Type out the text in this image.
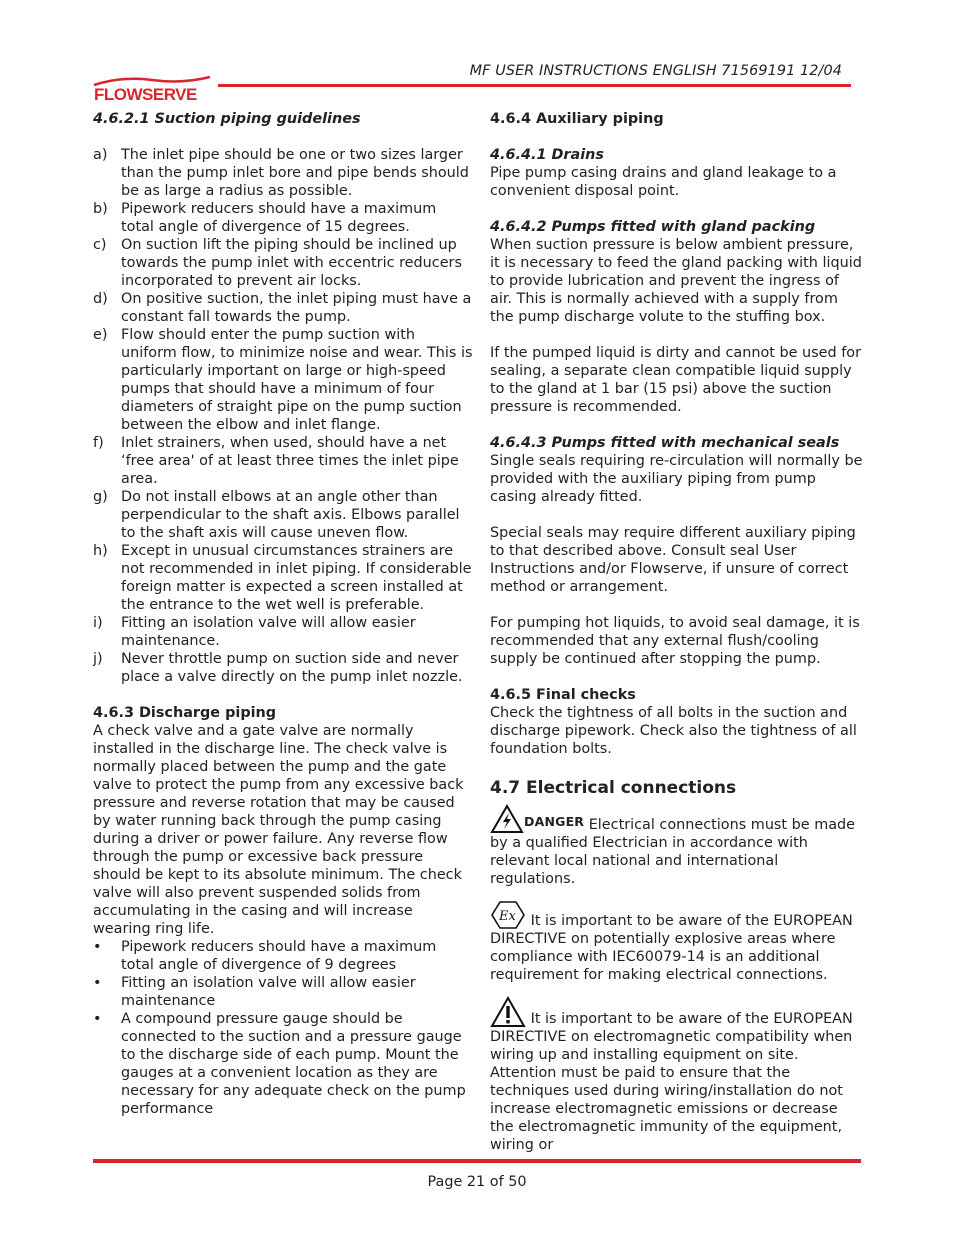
MF USER INSTRUCTIONS ENGLISH 71569191 12/04
FLOWSERVE
4.6.2.1 Suction piping guidelines
a) The inlet pipe should be one or two sizes larger than the pump inlet bore and pipe bends should be as large a radius as possible.
b) Pipework reducers should have a maximum total angle of divergence of 15 degrees.
c) On suction lift the piping should be inclined up towards the pump inlet with eccentric reducers incorporated to prevent air locks.
d) On positive suction, the inlet piping must have a constant fall towards the pump.
e) Flow should enter the pump suction with uniform flow, to minimize noise and wear. This is particularly important on large or high-speed pumps that should have a minimum of four diameters of straight pipe on the pump suction between the elbow and inlet flange.
f) Inlet strainers, when used, should have a net ‘free area' of at least three times the inlet pipe area.
g) Do not install elbows at an angle other than perpendicular to the shaft axis. Elbows parallel to the shaft axis will cause uneven flow.
h) Except in unusual circumstances strainers are not recommended in inlet piping. If considerable foreign matter is expected a screen installed at the entrance to the wet well is preferable.
i) Fitting an isolation valve will allow easier maintenance.
j) Never throttle pump on suction side and never place a valve directly on the pump inlet nozzle.
4.6.3 Discharge piping

A check valve and a gate valve are normally installed in the discharge line. The check valve is normally placed between the pump and the gate valve to protect the pump from any excessive back pressure and reverse rotation that may be caused by water running back through the pump casing during a driver or power failure. Any reverse flow through the pump or excessive back pressure should be kept to its absolute minimum. The check valve will also prevent suspended solids from accumulating in the casing and will increase wearing ring life.

• Pipework reducers should have a maximum total angle of divergence of 9 degrees
• Fitting an isolation valve will allow easier maintenance
• A compound pressure gauge should be connected to the suction and a pressure gauge to the discharge side of each pump. Mount the gauges at a convenient location as they are necessary for any adequate check on the pump performance
4.6.4 Auxiliary piping
4.6.4.1 Drains

Pipe pump casing drains and gland leakage to a convenient disposal point.

4.6.4.2 Pumps fitted with gland packing

When suction pressure is below ambient pressure, it is necessary to feed the gland packing with liquid to provide lubrication and prevent the ingress of air. This is normally achieved with a supply from the pump discharge volute to the stuffing box.

If the pumped liquid is dirty and cannot be used for sealing, a separate clean compatible liquid supply to the gland at 1 bar (15 psi) above the suction pressure is recommended.

4.6.4.3 Pumps fitted with mechanical seals

Single seals requiring re-circulation will normally be provided with the auxiliary piping from pump casing already fitted.

Special seals may require different auxiliary piping to that described above. Consult seal User Instructions and/or Flowserve, if unsure of correct method or arrangement.

For pumping hot liquids, to avoid seal damage, it is recommended that any external flush/cooling supply be continued after stopping the pump.

4.6.5 Final checks

Check the tightness of all bolts in the suction and discharge pipework. Check also the tightness of all foundation bolts.

4.7 Electrical connections
DANGER Electrical connections must be made by a qualified Electrician in accordance with relevant local national and international regulations.
Ex It is important to be aware of the EUROPEAN DIRECTIVE on potentially explosive areas where compliance with IEC60079-14 is an additional requirement for making electrical connections.
It is important to be aware of the EUROPEAN DIRECTIVE on electromagnetic compatibility when wiring up and installing equipment on site. Attention must be paid to ensure that the techniques used during wiring/installation do not increase electromagnetic emissions or decrease the electromagnetic immunity of the equipment, wiring or
Page 21 of 50
